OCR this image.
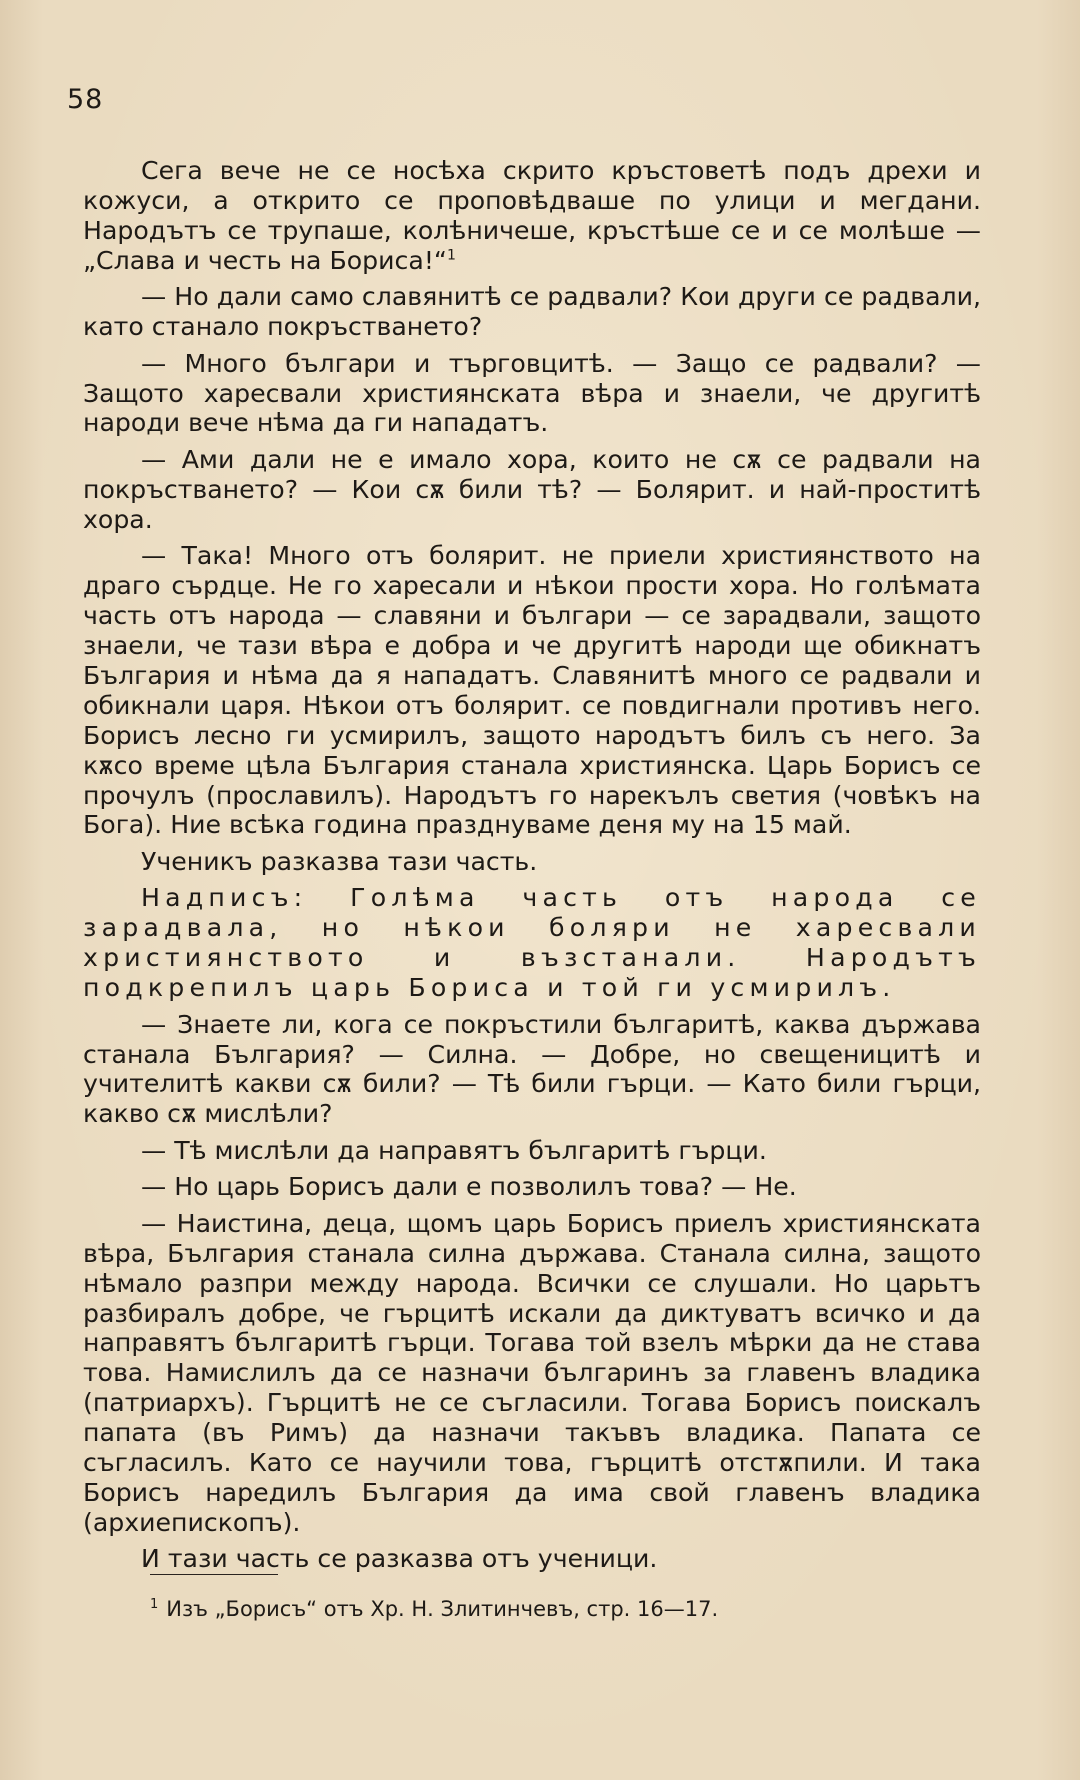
58

Сега вече не се носѣха скрито кръстоветѣ подъ дрехи и кожуси, а открито се проповѣдваше по улици и мегдани. Народътъ се трупаше, колѣничеше, кръстѣше се и се молѣше — „Слава и честь на Бориса!“$^1$

— Но дали само славянитѣ се радвали? Кои други се радвали, като станало покръстването?

— Много българи и търговцитѣ. — Защо се радвали? — Защото харесвали християнската вѣра и знаели, че другитѣ народи вече нѣма да ги нападатъ.

— Ами дали не е имало хора, които не сѫ се радвали на покръстването? — Кои сѫ били тѣ? — Болярит. и най-проститѣ хора.

— Така! Много отъ болярит. не приели християнството на драго сърдце. Не го харесали и нѣкои прости хора. Но голѣмата часть отъ народа — славяни и българи — се зарадвали, защото знаели, че тази вѣра е добра и че другитѣ народи ще обикнатъ България и нѣма да я нападатъ. Славянитѣ много се радвали и обикнали царя. Нѣкои отъ болярит. се повдигнали противъ него. Борисъ лесно ги усмирилъ, защото народътъ билъ съ него. За кѫсо време цѣла България станала християнска. Царь Борисъ се прочулъ (прославилъ). Народътъ го нарекълъ светия (човѣкъ на Бога). Ние всѣка година празднуваме деня му на 15 май.

Ученикъ разказва тази часть.

Надписъ: Голѣма часть отъ народа се зарадвала, но нѣкои боляри не харесвали християнството и възстанали. Народътъ подкрепилъ царь Бориса и той ги усмирилъ.

— Знаете ли, кога се покръстили българитѣ, каква държава станала България? — Силна. — Добре, но свещеницитѣ и учителитѣ какви сѫ били? — Тѣ били гърци. — Като били гърци, какво сѫ мислѣли?

— Тѣ мислѣли да направятъ българитѣ гърци.

— Но царь Борисъ дали е позволилъ това? — Не.

— Наистина, деца, щомъ царь Борисъ приелъ християнската вѣра, България станала силна държава. Станала силна, защото нѣмало разпри между народа. Всички се слушали. Но царьтъ разбиралъ добре, че гърцитѣ искали да диктуватъ всичко и да направятъ българитѣ гърци. Тогава той взелъ мѣрки да не става това. Намислилъ да се назначи българинъ за главенъ владика (патриархъ). Гърцитѣ не се съгласили. Тогава Борисъ поискалъ папата (въ Римъ) да назначи такъвъ владика. Папата се съгласилъ. Като се научили това, гърцитѣ отстѫпили. И така Борисъ наредилъ България да има свой главенъ владика (архиепископъ).

И тази часть се разказва отъ ученици.

$^1$ Изъ „Борисъ“ отъ Хр. Н. Злитинчевъ, стр. 16—17.
